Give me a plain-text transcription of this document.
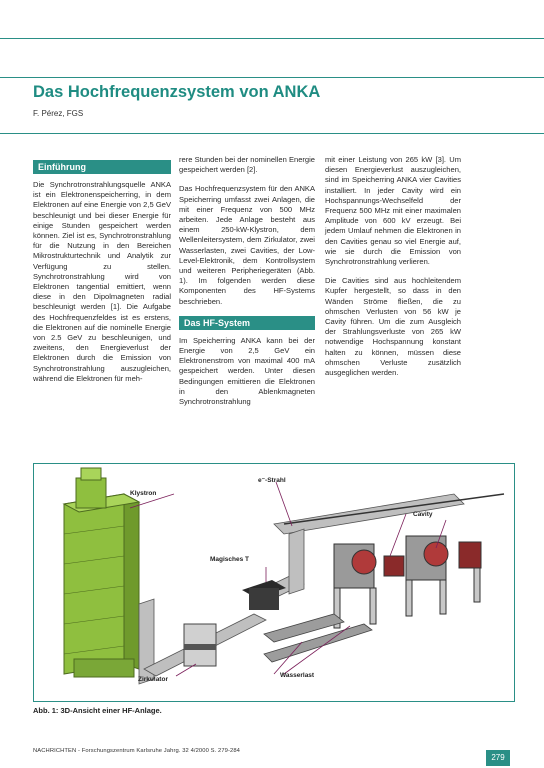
Das Hochfrequenzsystem von ANKA
F. Pérez, FGS
Einführung

Die Synchrotronstrahlungsquelle ANKA ist ein Elektronenspeicherring, in dem Elektronen auf eine Energie von 2,5 GeV beschleunigt und bei dieser Energie für einige Stunden gespeichert werden können. Ziel ist es, Synchrotronstrahlung für die Nutzung in den Bereichen Mikrostrukturtechnik und Analytik zur Verfügung zu stellen. Synchrotronstrahlung wird von Elektronen tangential emittiert, wenn diese in den Dipolmagneten radial beschleunigt werden [1]. Die Aufgabe des Hochfrequenzfeldes ist es erstens, die Elektronen auf die nominelle Energie von 2.5 GeV zu beschleunigen, und zweitens, den Energieverlust der Elektronen durch die Emission von Synchrotronstrahlung auszugleichen, während die Elektronen für meh-

rere Stunden bei der nominellen Energie gespeichert werden [2].

Das Hochfrequenzsystem für den ANKA Speicherring umfasst zwei Anlagen, die mit einer Frequenz von 500 MHz arbeiten. Jede Anlage besteht aus einem 250-kW-Klystron, dem Wellenleitersystem, dem Zirkulator, zwei Wasserlasten, zwei Cavities, der Low-Level-Elektronik, dem Kontrollsystem und weiteren Peripheriegeräten (Abb. 1). Im folgenden werden diese Komponenten des HF-Systems beschrieben.

Das HF-System

Im Speicherring ANKA kann bei der Energie von 2,5 GeV ein Elektronenstrom von maximal 400 mA gespeichert werden. Unter diesen Bedingungen emittieren die Elektronen in den Ablenkmagneten Synchrotronstrahlung

mit einer Leistung von 265 kW [3]. Um diesen Energieverlust auszugleichen, sind im Speicherring ANKA vier Cavities installiert. In jeder Cavity wird ein Hochspannungs-Wechselfeld der Frequenz 500 MHz mit einer maximalen Amplitude von 600 kV erzeugt. Bei jedem Umlauf nehmen die Elektronen in den Cavities genau so viel Energie auf, wie sie durch die Emission von Synchrotronstrahlung verlieren.

Die Cavities sind aus hochleitendem Kupfer hergestellt, so dass in den Wänden Ströme fließen, die zu ohmschen Verlusten von 56 kW je Cavity führen. Um die zum Ausgleich der Strahlungsverluste von 265 kW notwendige Hochspannung konstant halten zu können, müssen diese ohmschen Verluste zusätzlich ausgeglichen werden.

Klystron
e⁻-Strahl
Cavity
Magisches T
Zirkulator
Wasserlast
Abb. 1: 3D-Ansicht einer HF-Anlage.
NACHRICHTEN - Forschungszentrum Karlsruhe Jahrg. 32 4/2000 S. 279-284
279
